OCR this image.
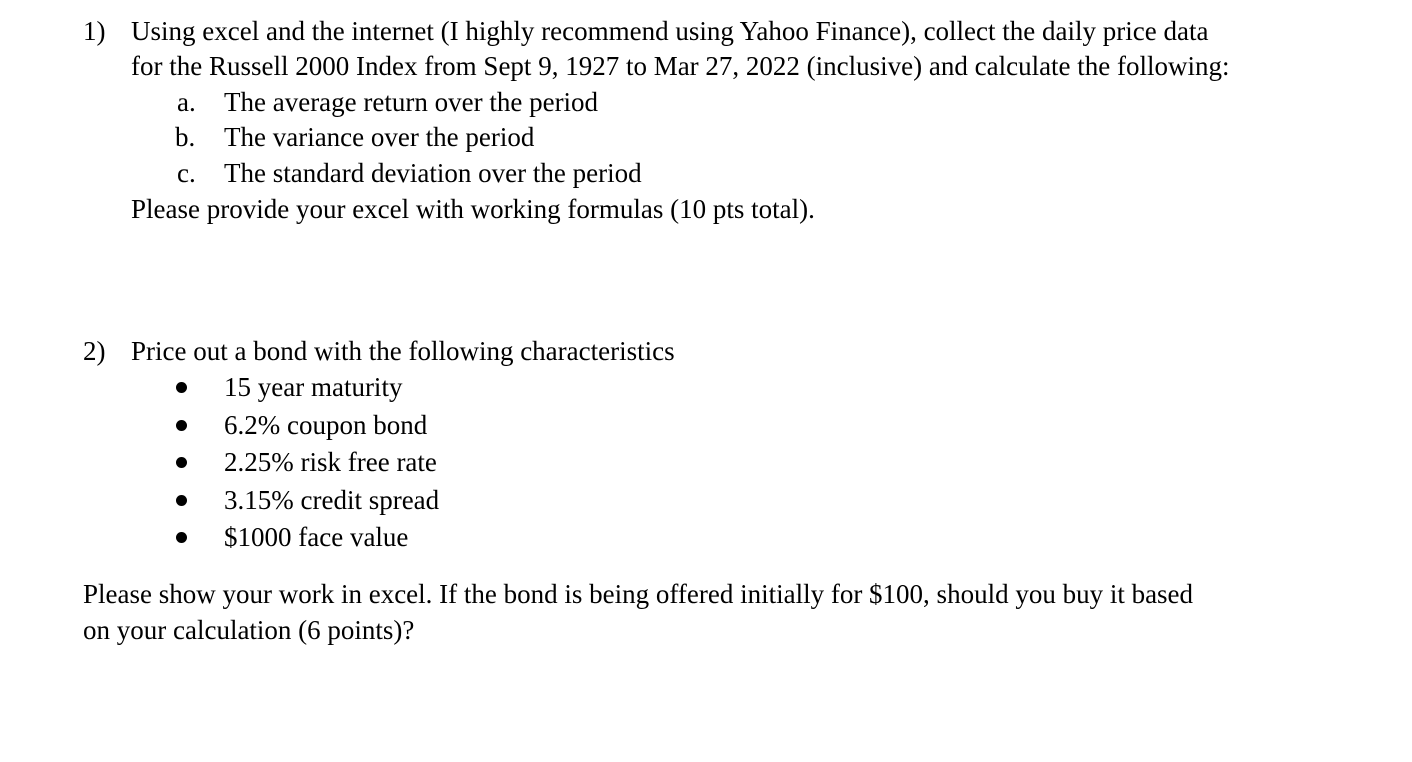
1) Using excel and the internet (I highly recommend using Yahoo Finance), collect the daily price data
for the Russell 2000 Index from Sept 9, 1927 to Mar 27, 2022 (inclusive) and calculate the following:
a. The average return over the period
b. The variance over the period
c. The standard deviation over the period
Please provide your excel with working formulas (10 pts total).
2) Price out a bond with the following characteristics
15 year maturity
6.2% coupon bond
2.25% risk free rate
3.15% credit spread
$1000 face value
Please show your work in excel. If the bond is being offered initially for $100, should you buy it based
on your calculation (6 points)?
